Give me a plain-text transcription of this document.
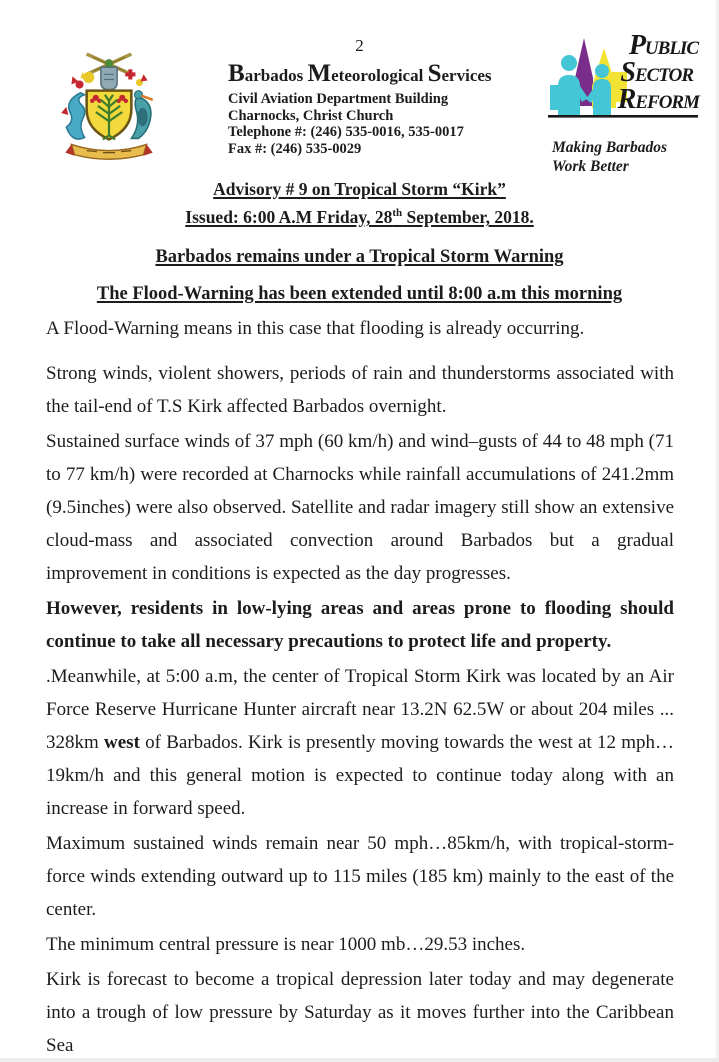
2
Barbados Meteorological Services
Civil Aviation Department Building
Charnocks, Christ Church
Telephone #: (246) 535-0016, 535-0017
Fax #: (246) 535-0029
PUBLIC
SECTOR
REFORM
Making Barbados
Work Better
Advisory # 9 on Tropical Storm “Kirk”
Issued: 6:00 A.M Friday, 28th September, 2018.
Barbados remains under a Tropical Storm Warning
The Flood-Warning has been extended until 8:00 a.m this morning

A Flood-Warning means in this case that flooding is already occurring.

Strong winds, violent showers, periods of rain and thunderstorms associated with the tail-end of T.S Kirk affected Barbados overnight.

Sustained surface winds of 37 mph (60 km/h) and wind–gusts of 44 to 48 mph (71 to 77 km/h) were recorded at Charnocks while rainfall accumulations of 241.2mm (9.5inches) were also observed. Satellite and radar imagery still show an extensive cloud-mass and associated convection around Barbados but a gradual improvement in conditions is expected as the day progresses.

However, residents in low-lying areas and areas prone to flooding should continue to take all necessary precautions to protect life and property.

.Meanwhile, at 5:00 a.m, the center of Tropical Storm Kirk was located by an Air Force Reserve Hurricane Hunter aircraft near 13.2N 62.5W or about 204 miles ... 328km west of Barbados. Kirk is presently moving towards the west at 12 mph…19km/h and this general motion is expected to continue today along with an increase in forward speed.

Maximum sustained winds remain near 50 mph…85km/h, with tropical-storm-force winds extending outward up to 115 miles (185 km) mainly to the east of the center.

The minimum central pressure is near 1000 mb…29.53 inches.

Kirk is forecast to become a tropical depression later today and may degenerate into a trough of low pressure by Saturday as it moves further into the Caribbean Sea
